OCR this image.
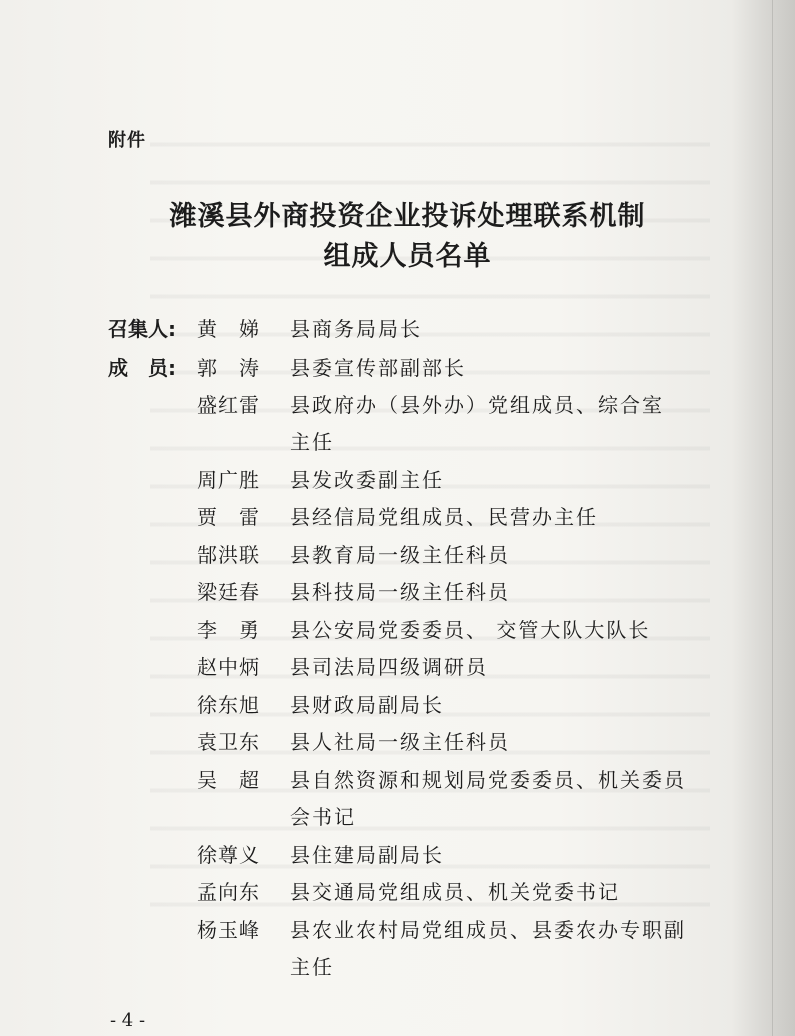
附件
潍溪县外商投资企业投诉处理联系机制
组成人员名单
召集人:	黄　娣	县商务局局长
成　员:	郭　涛	县委宣传部副部长
盛红雷	县政府办（县外办）党组成员、综合室
主任
周广胜	县发改委副主任
贾　雷	县经信局党组成员、民营办主任
郜洪联	县教育局一级主任科员
梁廷春	县科技局一级主任科员
李　勇	县公安局党委委员、 交管大队大队长
赵中炳	县司法局四级调研员
徐东旭	县财政局副局长
袁卫东	县人社局一级主任科员
吴　超	县自然资源和规划局党委委员、机关委员
会书记
徐尊义	县住建局副局长
孟向东	县交通局党组成员、机关党委书记
杨玉峰	县农业农村局党组成员、县委农办专职副
主任
- 4 -
